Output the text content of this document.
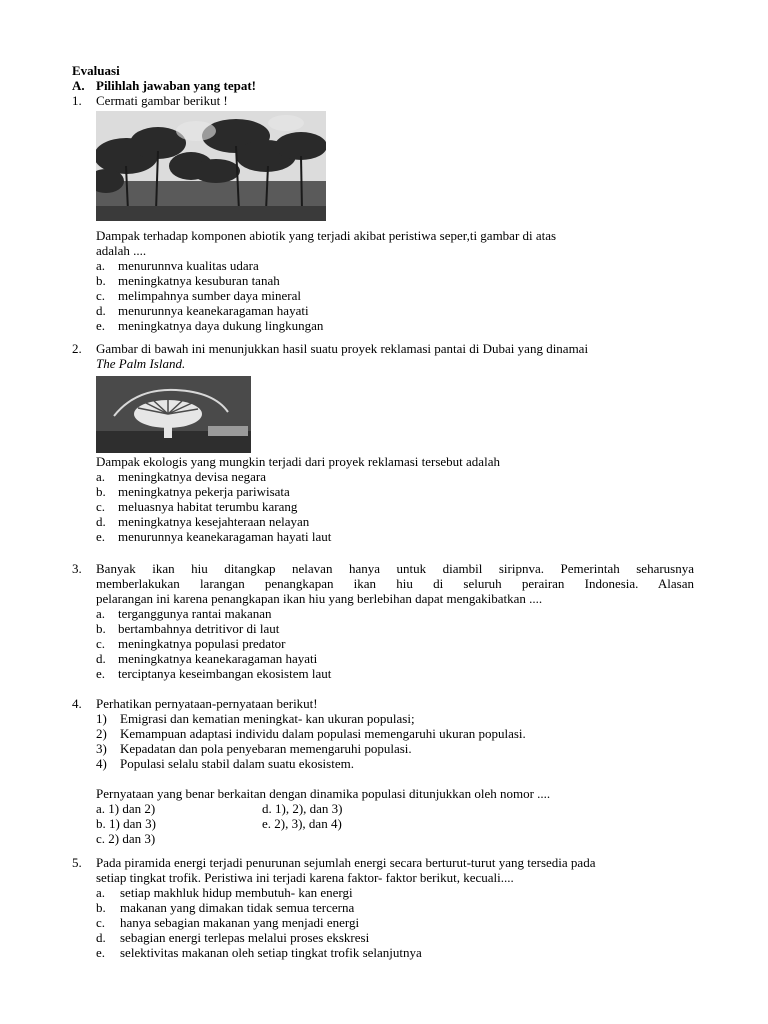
Evaluasi
A. Pilihlah jawaban yang tepat!
1. Cermati gambar berikut !
Dampak terhadap komponen abiotik yang terjadi akibat peristiwa seper,ti gambar di atas
adalah ....
a. menurunnva kualitas udara
b. meningkatnya kesuburan tanah
c. melimpahnya sumber daya mineral
d. menurunnya keanekaragaman hayati
e. meningkatnya daya dukung lingkungan
2. Gambar di bawah ini menunjukkan hasil suatu proyek reklamasi pantai di Dubai yang dinamai
The Palm Island.
Dampak ekologis yang mungkin terjadi dari proyek reklamasi tersebut adalah
a. meningkatnya devisa negara
b. meningkatnya pekerja pariwisata
c. meluasnya habitat terumbu karang
d. meningkatnya kesejahteraan nelayan
e. menurunnya keanekaragaman hayati laut
3. Banyak ikan hiu ditangkap nelavan hanya untuk diambil siripnva. Pemerintah seharusnya
memberlakukan larangan penangkapan ikan hiu di seluruh perairan Indonesia. Alasan
pelarangan ini karena penangkapan ikan hiu yang berlebihan dapat mengakibatkan ....
a. terganggunya rantai makanan
b. bertambahnya detritivor di laut
c. meningkatnya populasi predator
d. meningkatnya keanekaragaman hayati
e. terciptanya keseimbangan ekosistem laut
4. Perhatikan pernyataan-pernyataan berikut!
1) Emigrasi dan kematian meningkat- kan ukuran populasi;
2) Kemampuan adaptasi individu dalam populasi memengaruhi ukuran populasi.
3) Kepadatan dan pola penyebaran memengaruhi populasi.
4) Populasi selalu stabil dalam suatu ekosistem.
Pernyataan yang benar berkaitan dengan dinamika populasi ditunjukkan oleh nomor ....
a. 1) dan 2)	d. 1), 2), dan 3)
b. 1) dan 3)	e. 2), 3), dan 4)
c. 2) dan 3)
5. Pada piramida energi terjadi penurunan sejumlah energi secara berturut-turut yang tersedia pada
setiap tingkat trofik. Peristiwa ini terjadi karena faktor- faktor berikut, kecuali....
a. setiap makhluk hidup membutuh- kan energi
b. makanan yang dimakan tidak semua tercerna
c. hanya sebagian makanan yang menjadi energi
d. sebagian energi terlepas melalui proses ekskresi
e. selektivitas makanan oleh setiap tingkat trofik selanjutnya
